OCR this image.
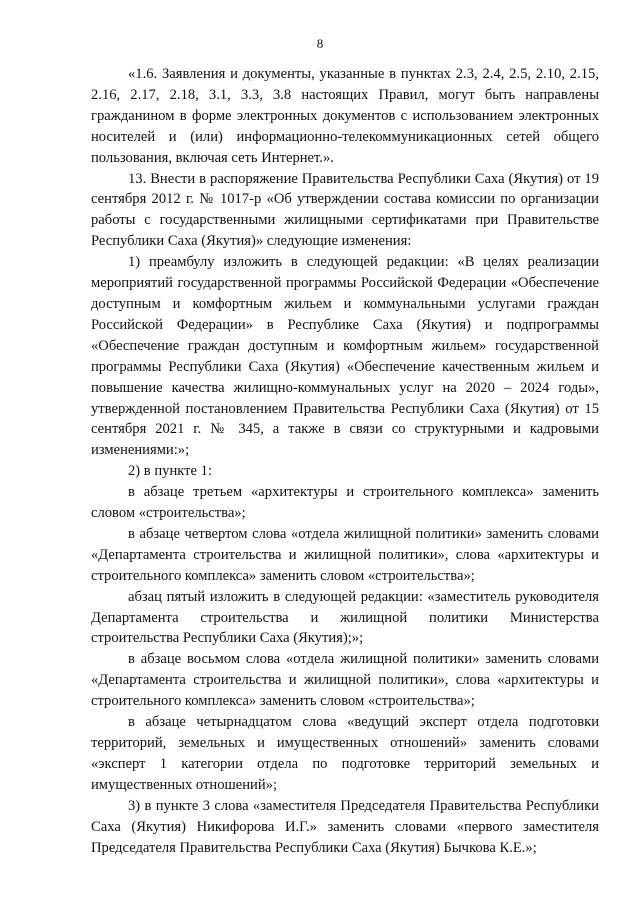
8

«1.6. Заявления и документы, указанные в пунктах 2.3, 2.4, 2.5, 2.10, 2.15, 2.16, 2.17, 2.18, 3.1, 3.3, 3.8 настоящих Правил, могут быть направлены гражданином в форме электронных документов с использованием электронных носителей и (или) информационно-телекоммуникационных сетей общего пользования, включая сеть Интернет.».

13. Внести в распоряжение Правительства Республики Саха (Якутия) от 19 сентября 2012 г. № 1017-р «Об утверждении состава комиссии по организации работы с государственными жилищными сертификатами при Правительстве Республики Саха (Якутия)» следующие изменения:

1) преамбулу изложить в следующей редакции: «В целях реализации мероприятий государственной программы Российской Федерации «Обеспечение доступным и комфортным жильем и коммунальными услугами граждан Российской Федерации» в Республике Саха (Якутия) и подпрограммы «Обеспечение граждан доступным и комфортным жильем» государственной программы Республики Саха (Якутия) «Обеспечение качественным жильем и повышение качества жилищно-коммунальных услуг на 2020 – 2024 годы», утвержденной постановлением Правительства Республики Саха (Якутия) от 15 сентября 2021 г. № 345, а также в связи со структурными и кадровыми изменениями:»;

2) в пункте 1:

в абзаце третьем «архитектуры и строительного комплекса» заменить словом «строительства»;

в абзаце четвертом слова «отдела жилищной политики» заменить словами «Департамента строительства и жилищной политики», слова «архитектуры и строительного комплекса» заменить словом «строительства»;

абзац пятый изложить в следующей редакции: «заместитель руководителя Департамента строительства и жилищной политики Министерства строительства Республики Саха (Якутия);»;

в абзаце восьмом слова «отдела жилищной политики» заменить словами «Департамента строительства и жилищной политики», слова «архитектуры и строительного комплекса» заменить словом «строительства»;

в абзаце четырнадцатом слова «ведущий эксперт отдела подготовки территорий, земельных и имущественных отношений» заменить словами «эксперт 1 категории отдела по подготовке территорий земельных и имущественных отношений»;

3) в пункте 3 слова «заместителя Председателя Правительства Республики Саха (Якутия) Никифорова И.Г.» заменить словами «первого заместителя Председателя Правительства Республики Саха (Якутия) Бычкова К.Е.»;
